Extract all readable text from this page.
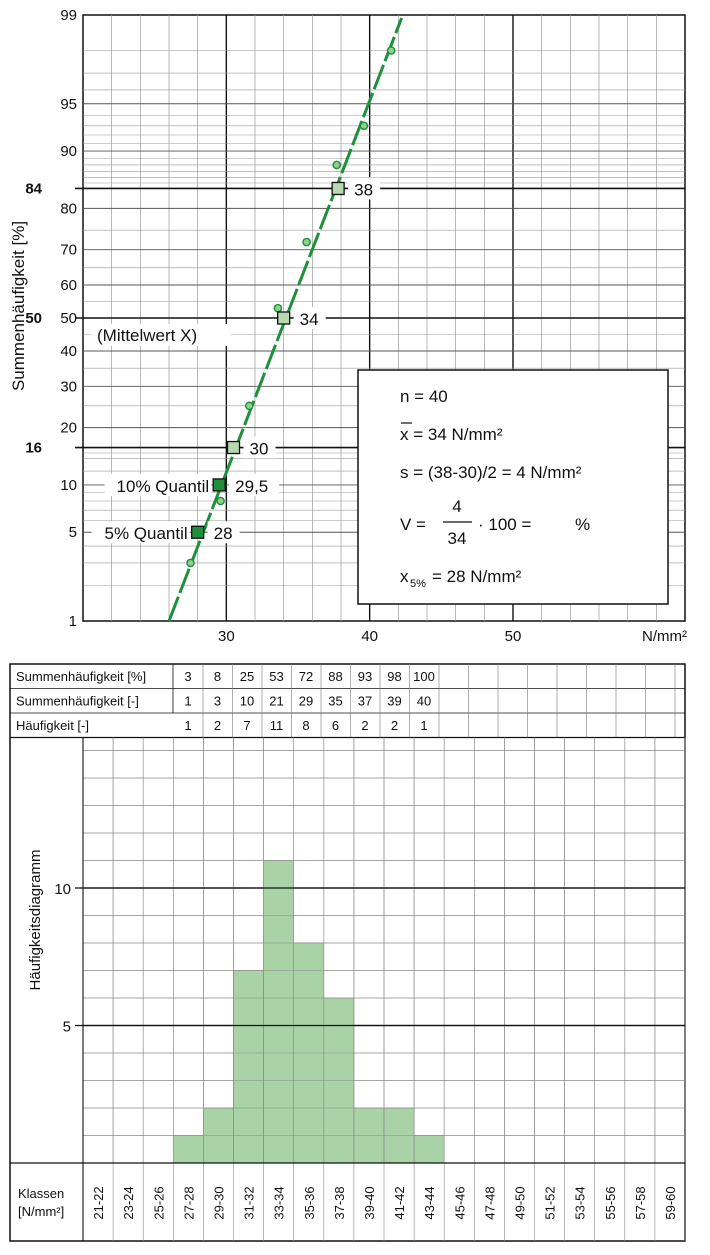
28
5% Quantil
29,5
10% Quantil
30
34
(Mittelwert X)
38
1
5
10
20
30
40
50
60
70
80
90
95
99
16
50
84
30	40	50	N/mm²
Summenhäufigkeit [%]
n = 40
x = 34 N/mm²
s = (38-30)/2 = 4 N/mm²
V =
4
34
· 100 =	%
x 5% = 28 N/mm²
Summenhäufigkeit [%]	3 8 25 53 72 88 93 98 100
Summenhäufigkeit [-]	1 3 10 21 29 35 37 39 40
Häufigkeit [-]	1 2 7 11 8 6 2 2 1
5
10
Häufigkeitsdiagramm
21-22 23-24 25-26 27-28 29-30 31-32 33-34 35-36 37-38 39-40 41-42 43-44 45-46 47-48 49-50 51-52 53-54 55-56 57-58 59-60
Klassen
[N/mm²]
